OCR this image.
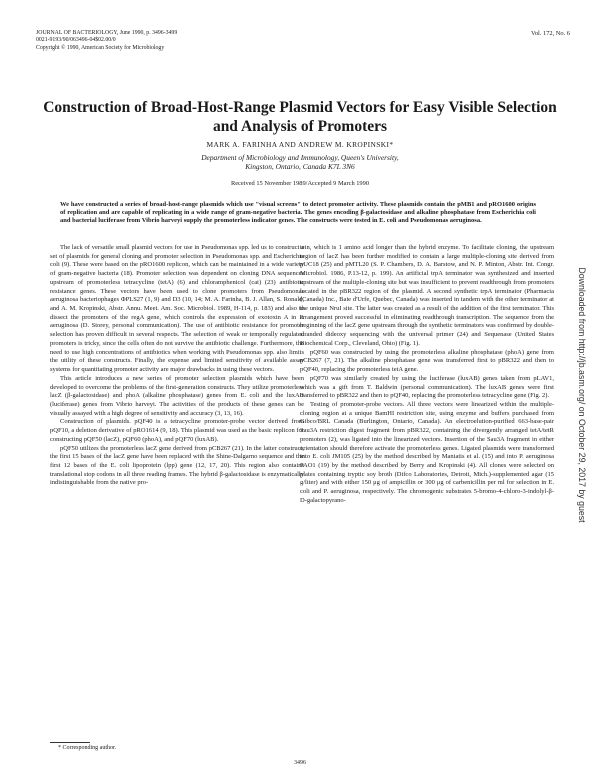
JOURNAL OF BACTERIOLOGY, June 1990, p. 3496-3499
0021-9193/90/063496-04$02.00/0
Copyright © 1990, American Society for Microbiology
Vol. 172, No. 6
Construction of Broad-Host-Range Plasmid Vectors for Easy Visible Selection and Analysis of Promoters
MARK A. FARINHA AND ANDREW M. KROPINSKI*
Department of Microbiology and Immunology, Queen's University,
Kingston, Ontario, Canada K7L 3N6
Received 15 November 1989/Accepted 9 March 1990
We have constructed a series of broad-host-range plasmids which use "visual screens" to detect promoter activity. These plasmids contain the pMB1 and pRO1600 origins of replication and are capable of replicating in a wide range of gram-negative bacteria. The genes encoding β-galactosidase and alkaline phosphatase from Escherichia coli and bacterial luciferase from Vibrio harveyi supply the promoterless indicator genes. The constructs were tested in E. coli and Pseudomonas aeruginosa.

The lack of versatile small plasmid vectors for use in Pseudomonas spp. led us to construct a set of plasmids for general cloning and promoter selection in Pseudomonas spp. and Escherichia coli (9). These were based on the pRO1600 replicon, which can be maintained in a wide variety of gram-negative bacteria (18). Promoter selection was dependent on cloning DNA sequences upstream of promoterless tetracycline (tetA) (6) and chloramphenicol (cat) (23) antibiotic resistance genes. These vectors have been used to clone promoters from Pseudomonas aeruginosa bacteriophages ΦPLS27 (1, 9) and D3 (10, 14; M. A. Farinha, B. J. Allan, S. Ronald, and A. M. Kropinski, Abstr. Annu. Meet. Am. Soc. Microbiol. 1989, H-114, p. 183) and also to dissect the promoters of the regA gene, which controls the expression of exotoxin A in P. aeruginosa (D. Storey, personal communication). The use of antibiotic resistance for promoter selection has proven difficult in several respects. The selection of weak or temporally regulated promoters is tricky, since the cells often do not survive the antibiotic challenge. Furthermore, the need to use high concentrations of antibiotics when working with Pseudomonas spp. also limits the utility of these constructs. Finally, the expense and limited sensitivity of available assay systems for quantitating promoter activity are major drawbacks in using these vectors.

This article introduces a new series of promoter selection plasmids which have been developed to overcome the problems of the first-generation constructs. They utilize promoterless lacZ (β-galactosidase) and phoA (alkaline phosphatase) genes from E. coli and the luxAB (luciferase) genes from Vibrio harveyi. The activities of the products of these genes can be visually assayed with a high degree of sensitivity and accuracy (3, 13, 16).

Construction of plasmids. pQF40 is a tetracycline promoter-probe vector derived from pQF10, a deletion derivative of pRO1614 (9, 18). This plasmid was used as the basic replicon for constructing pQF50 (lacZ), pQF60 (phoA), and pQF70 (luxAB).

pQF50 utilizes the promoterless lacZ gene derived from pCB267 (21). In the latter construct, the first 15 bases of the lacZ gene have been replaced with the Shine-Dalgarno sequence and the first 12 bases of the E. coli lipoprotein (lpp) gene (12, 17, 20). This region also contains translational stop codons in all three reading frames. The hybrid β-galactosidase is enzymatically indistinguishable from the native pro-

tein, which is 1 amino acid longer than the hybrid enzyme. To facilitate cloning, the upstream region of lacZ has been further modified to contain a large multiple-cloning site derived from pUC18 (25) and pMTL20 (S. P. Chambers, D. A. Barstow, and N. P. Minton, Abstr. Int. Congr. Microbiol. 1986, P.13-12, p. 199). An artificial trpA terminator was synthesized and inserted upstream of the multiple-cloning site but was insufficient to prevent readthrough from promoters located in the pBR322 region of the plasmid. A second synthetic trpA terminator (Pharmacia (Canada) Inc., Baie d'Urfe, Quebec, Canada) was inserted in tandem with the other terminator at the unique NruI site. The latter was created as a result of the addition of the first terminator. This arrangement proved successful in eliminating readthrough transcription. The sequence from the beginning of the lacZ gene upstream through the synthetic terminators was confirmed by double-stranded dideoxy sequencing with the universal primer (24) and Sequenase (United States Biochemical Corp., Cleveland, Ohio) (Fig. 1).

pQF60 was constructed by using the promoterless alkaline phosphatase (phoA) gene from pCB267 (7, 21). The alkaline phosphatase gene was transferred first to pBR322 and then to pQF40, replacing the promoterless tetA gene.

pQF70 was similarly created by using the luciferase (luxAB) genes taken from pLAV1, which was a gift from T. Baldwin (personal communication). The luxAB genes were first transferred to pBR322 and then to pQF40, replacing the promoterless tetracycline gene (Fig. 2).

Testing of promoter-probe vectors. All three vectors were linearized within the multiple-cloning region at a unique BamHI restriction site, using enzyme and buffers purchased from Gibco/BRL Canada (Burlington, Ontario, Canada). An electroelution-purified 663-base-pair Sau3A restriction digest fragment from pBR322, containing the divergently arranged tetA/tetR promoters (2), was ligated into the linearized vectors. Insertion of the Sau3A fragment in either orientation should therefore activate the promoterless genes. Ligated plasmids were transformed into E. coli JM105 (25) by the method described by Maniatis et al. (15) and into P. aeruginosa PAO1 (19) by the method described by Berry and Kropinski (4). All clones were selected on plates containing tryptic soy broth (Difco Laboratories, Detroit, Mich.)-supplemented agar (15 g/liter) and with either 150 μg of ampicillin or 300 μg of carbenicillin per ml for selection in E. coli and P. aeruginosa, respectively. The chromogenic substrates 5-bromo-4-chloro-3-indolyl-β-D-galactopyrano-

* Corresponding author.
3496
Downloaded from http://jb.asm.org/ on October 29, 2017 by guest
